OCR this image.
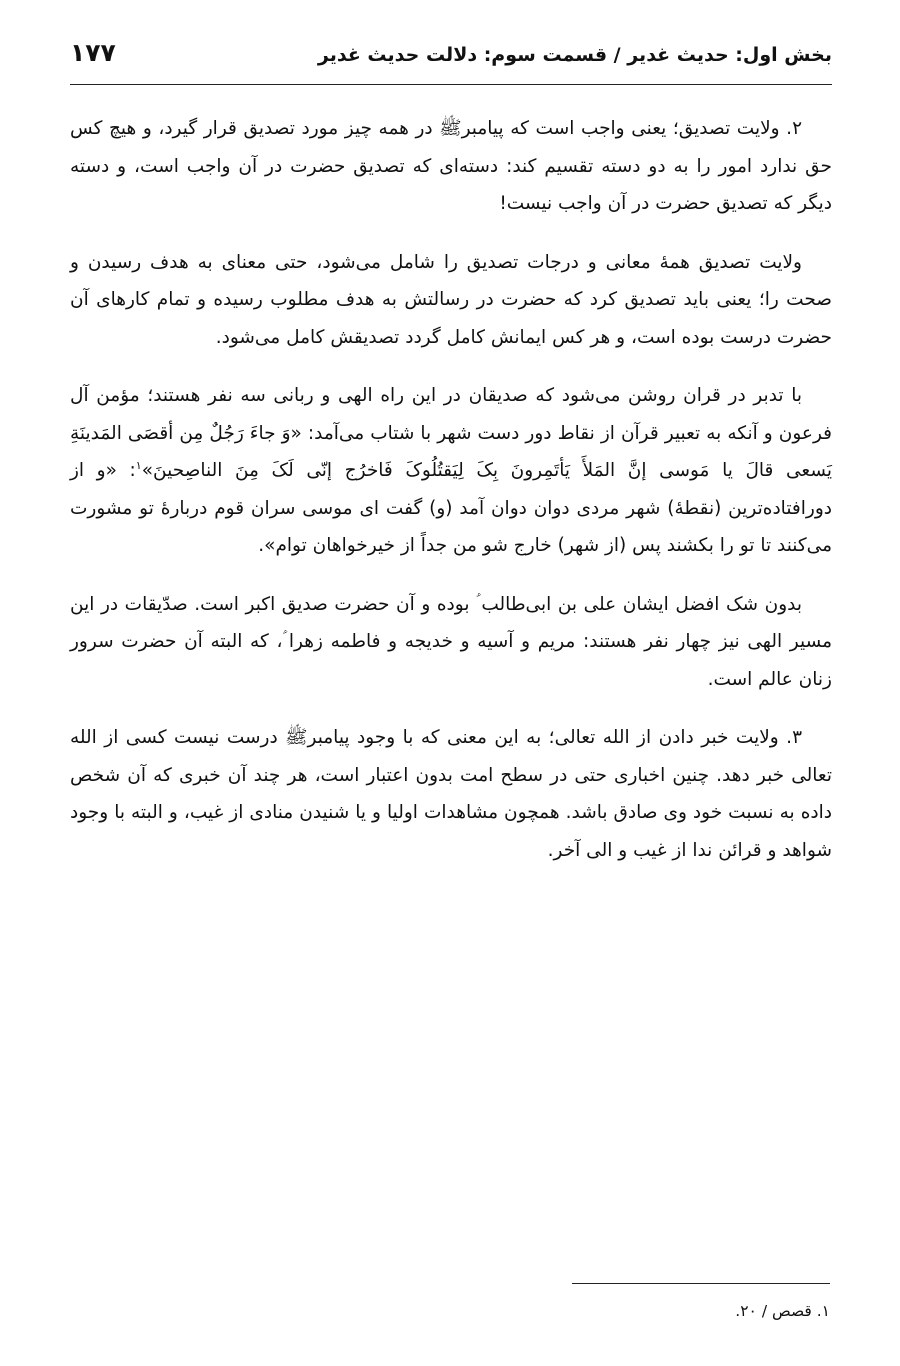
بخش اول: حدیث غدیر / قسمت سوم: دلالت حدیث غدیر
۱۷۷

۲. ولایت تصدیق؛ یعنی واجب است که پیامبرﷺ در همه چیز مورد تصدیق قرار گیرد، و هیچ کس حق ندارد امور را به دو دسته تقسیم کند: دسته‌ای که تصدیق حضرت در آن واجب است، و دسته دیگر که تصدیق حضرت در آن واجب نیست!

ولایت تصدیق همهٔ معانی و درجات تصدیق را شامل می‌شود، حتی معنای به هدف رسیدن و صحت را؛ یعنی باید تصدیق کرد که حضرت در رسالتش به هدف مطلوب رسیده و تمام کارهای آن حضرت درست بوده است، و هر کس ایمانش کامل گردد تصدیقش کامل می‌شود.

با تدبر در قران روشن می‌شود که صدیقان در این راه الهی و ربانی سه نفر هستند؛ مؤمن آل فرعون و آنکه به تعبیر قرآن از نقاط دور دست شهر با شتاب می‌آمد: «وَ جاءَ رَجُلٌ مِن أقصَی المَدینَةِ یَسعی قالَ یا مَوسی إنَّ المَلأَ یَأتَمِرونَ بِکَ لِیَقتُلُوکَ فَاخرُج إنّی لَکَ مِنَ الناصِحینَ»$^۱$: «و از دورافتاده‌ترین (نقطهٔ) شهر مردی دوان دوان آمد (و) گفت ای موسی سران قوم دربارهٔ تو مشورت می‌کنند تا تو را بکشند پس (از شهر) خارج شو من جداً از خیرخواهان توام».

بدون شک افضل ایشان علی بن ابی‌طالب ؑ بوده و آن حضرت صدیق اکبر است. صدّیقات در این مسیر الهی نیز چهار نفر هستند: مریم و آسیه و خدیجه و فاطمه زهرا ؑ، که البته آن حضرت سرور زنان عالم است.

۳. ولایت خبر دادن از الله تعالی؛ به این معنی که با وجود پیامبرﷺ درست نیست کسی از الله تعالی خبر دهد. چنین اخباری حتی در سطح امت بدون اعتبار است، هر چند آن خبری که آن شخص داده به نسبت خود وی صادق باشد. همچون مشاهدات اولیا و یا شنیدن منادی از غیب، و البته با وجود شواهد و قرائن ندا از غیب و الی آخر.

۱. قصص / ۲۰.
